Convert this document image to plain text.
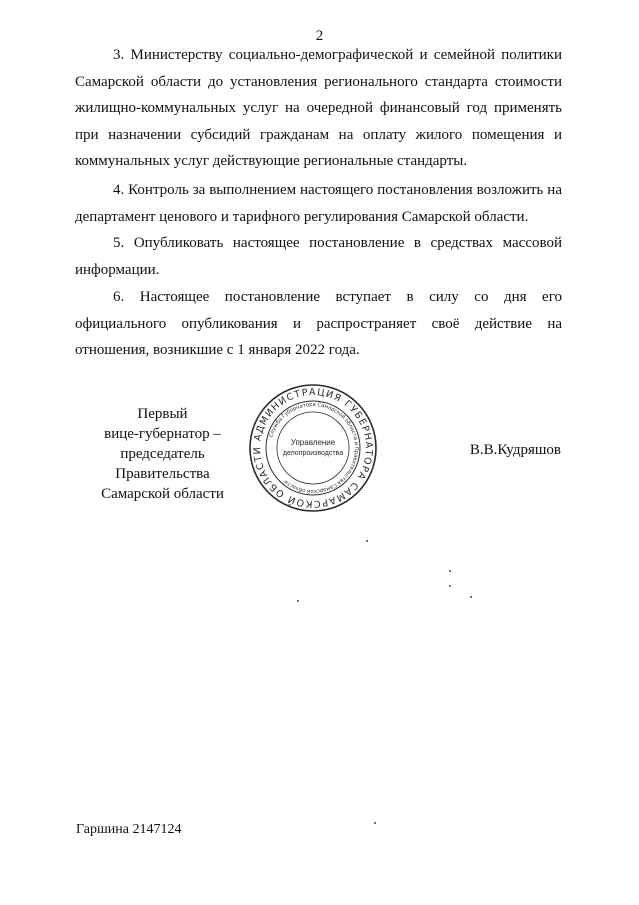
2

3. Министерству социально-демографической и семейной политики Самарской области до установления регионального стандарта стоимости жилищно-коммунальных услуг на очередной финансовый год применять при назначении субсидий гражданам на оплату жилого помещения и коммунальных услуг действующие региональные стандарты.

4. Контроль за выполнением настоящего постановления возложить на департамент ценового и тарифного регулирования Самарской области.

5. Опубликовать настоящее постановление в средствах массовой информации.

6. Настоящее постановление вступает в силу со дня его официального опубликования и распространяет своё действие на отношения, возникшие с 1 января 2022 года.

Первый
вице-губернатор –
председатель Правительства
Самарской области
АДМИНИСТРАЦИЯ ГУБЕРНАТОРА САМАРСКОЙ ОБЛАСТИ
Служба Губернатора Самарской области и Правительства Самарской области
Управление
делопроизводства	В.В.Кудряшов
Гаршина 2147124
